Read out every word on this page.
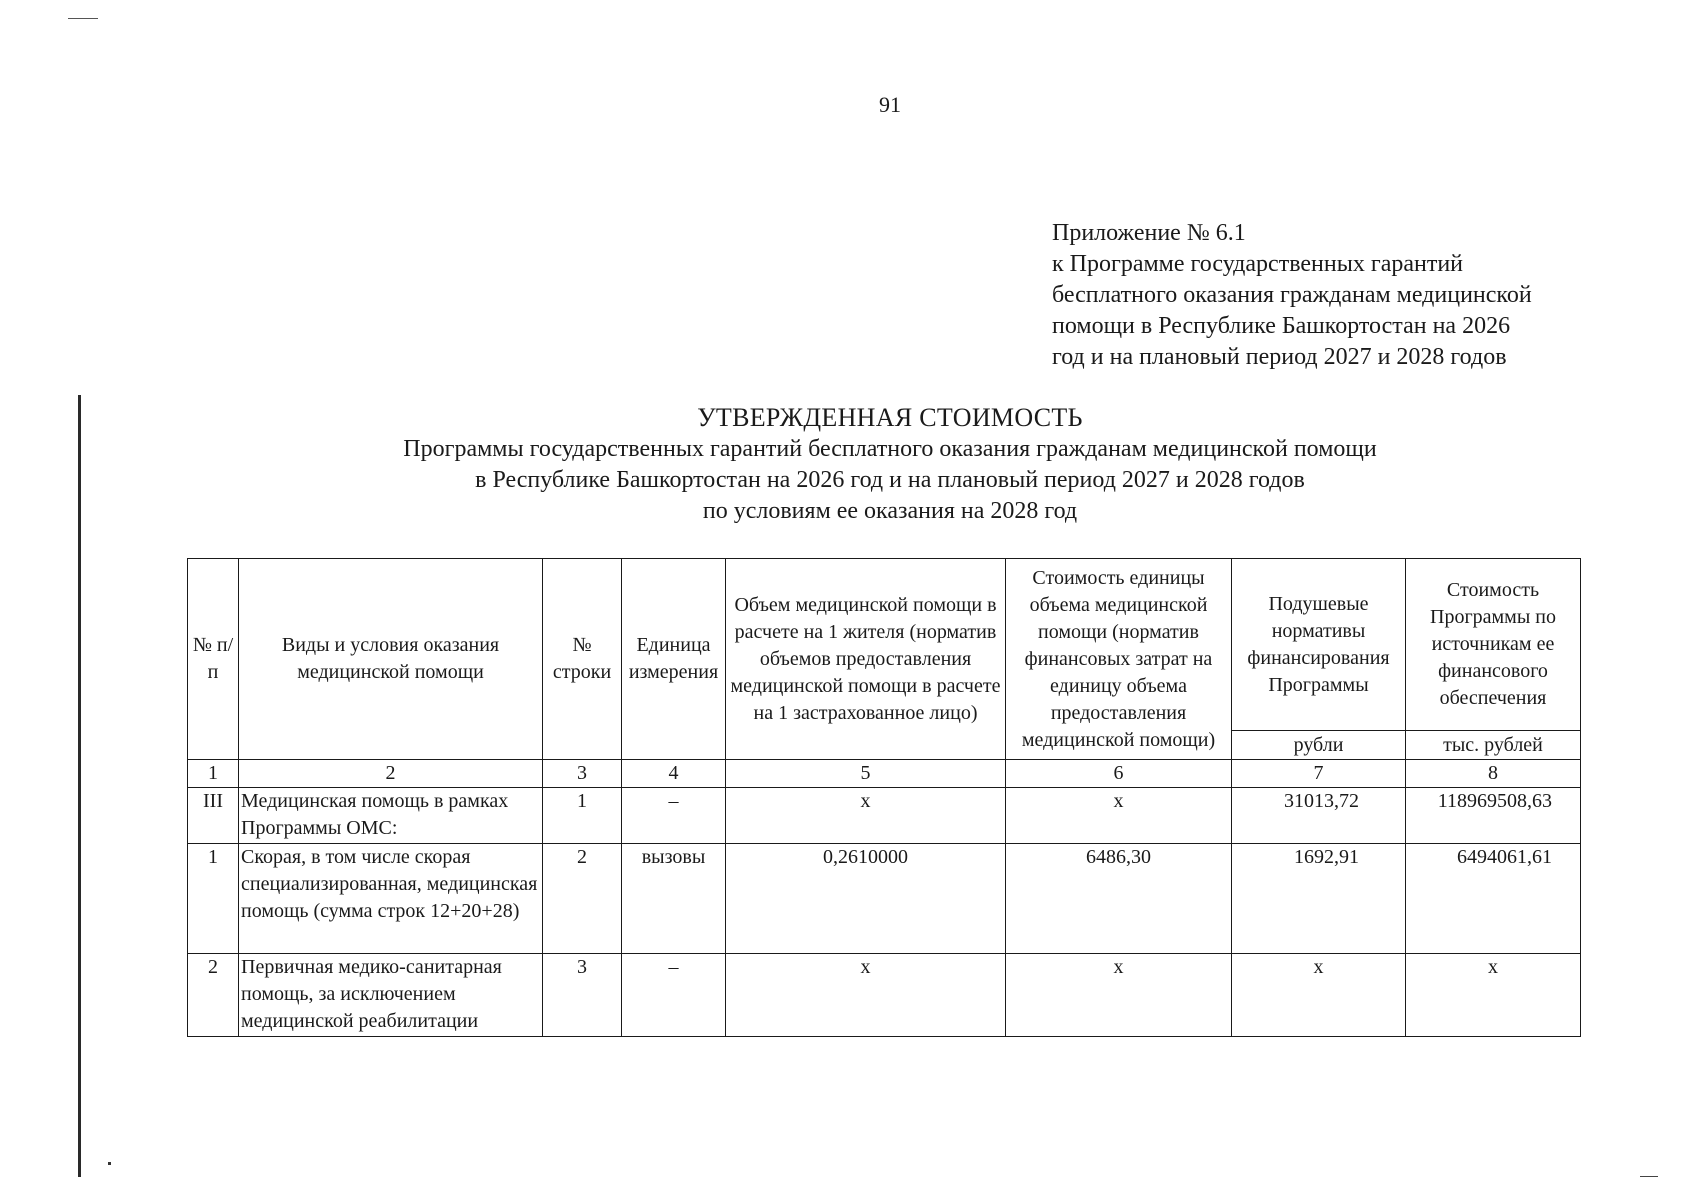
91
Приложение № 6.1
к Программе государственных гарантий
бесплатного оказания гражданам медицинской
помощи в Республике Башкортостан на 2026
год и на плановый период 2027 и 2028 годов
УТВЕРЖДЕННАЯ СТОИМОСТЬ
Программы государственных гарантий бесплатного оказания гражданам медицинской помощи
в Республике Башкортостан на 2026 год и на плановый период 2027 и 2028 годов
по условиям ее оказания на 2028 год
№ п/п	Виды и условия оказания медицинской помощи	№ строки	Единица измерения	Объем медицинской помощи в расчете на 1 жителя (норматив объемов предоставления медицинской помощи в расчете на 1 застрахованное лицо)	Стоимость единицы объема медицинской помощи (норматив финансовых затрат на единицу объема предоставления медицинской помощи)	Подушевые нормативы финансирования Программы	Стоимость Программы по источникам ее финансового обеспечения
						рубли	тыс. рублей
1	2	3	4	5	6	7	8
III	Медицинская помощь в рамках Программы ОМС:	1	–	х	х	31013,72	118969508,63
1	Скорая, в том числе скорая специализированная, медицинская помощь (сумма строк 12+20+28)	2	вызовы	0,2610000	6486,30	1692,91	6494061,61
2	Первичная медико-санитарная помощь, за исключением медицинской реабилитации	3	–	х	х	х	х
